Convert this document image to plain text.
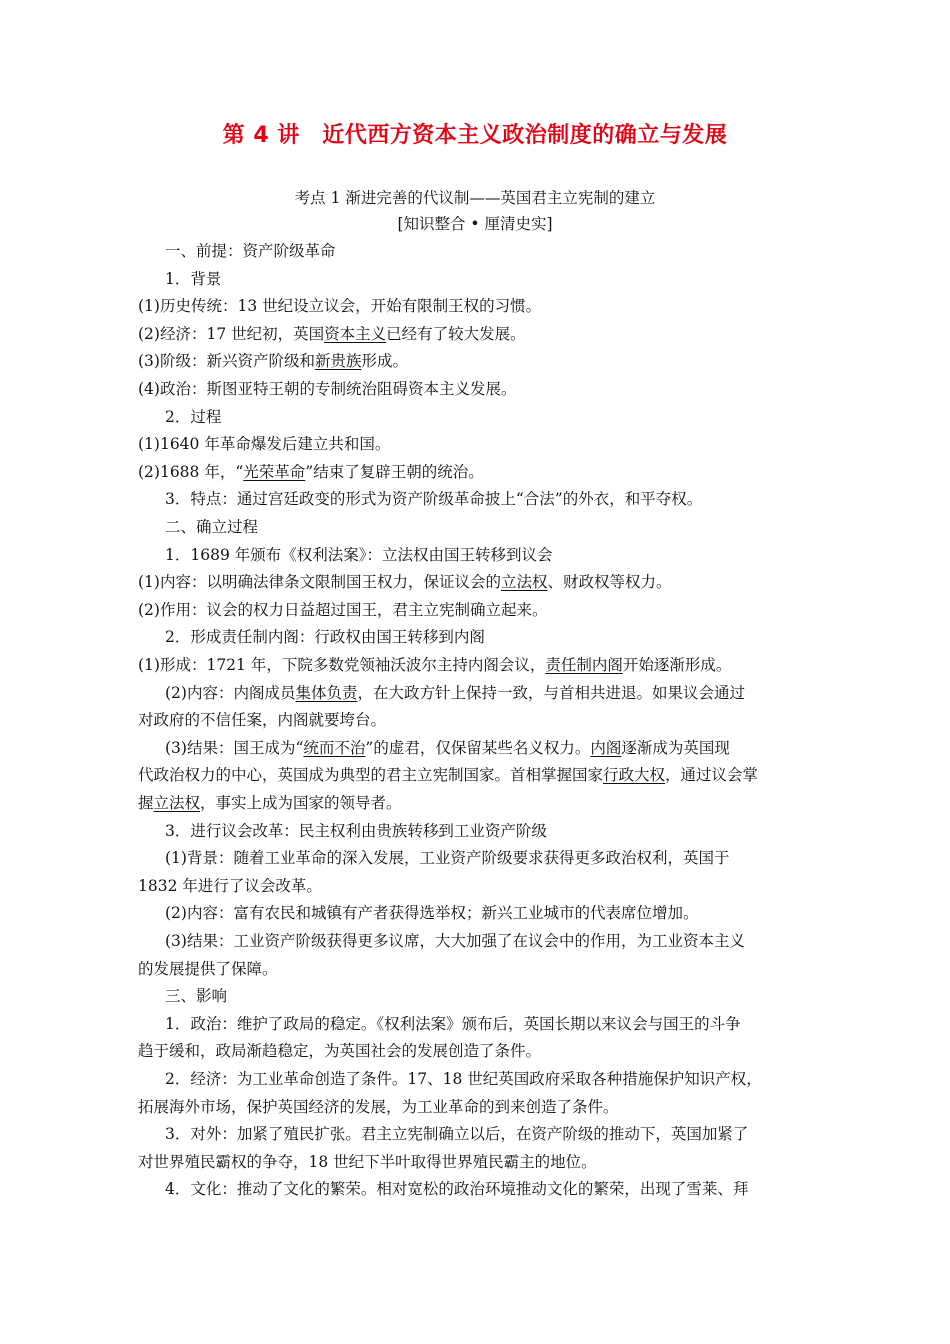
第 4 讲　近代西方资本主义政治制度的确立与发展
考点 1 渐进完善的代议制——英国君主立宪制的建立
[知识整合 • 厘清史实]
一、前提：资产阶级革命
1．背景
(1)历史传统：13 世纪设立议会，开始有限制王权的习惯。
(2)经济：17 世纪初，英国资本主义已经有了较大发展。
(3)阶级：新兴资产阶级和新贵族形成。
(4)政治：斯图亚特王朝的专制统治阻碍资本主义发展。
2．过程
(1)1640 年革命爆发后建立共和国。
(2)1688 年，“光荣革命”结束了复辟王朝的统治。
3．特点：通过宫廷政变的形式为资产阶级革命披上“合法”的外衣，和平夺权。
二、确立过程
1．1689 年颁布《权利法案》：立法权由国王转移到议会
(1)内容：以明确法律条文限制国王权力，保证议会的立法权、财政权等权力。
(2)作用：议会的权力日益超过国王，君主立宪制确立起来。
2．形成责任制内阁：行政权由国王转移到内阁
(1)形成：1721 年，下院多数党领袖沃波尔主持内阁会议，责任制内阁开始逐渐形成。
(2)内容：内阁成员集体负责，在大政方针上保持一致，与首相共进退。如果议会通过
对政府的不信任案，内阁就要垮台。
(3)结果：国王成为“统而不治”的虚君，仅保留某些名义权力。内阁逐渐成为英国现
代政治权力的中心，英国成为典型的君主立宪制国家。首相掌握国家行政大权，通过议会掌
握立法权，事实上成为国家的领导者。
3．进行议会改革：民主权利由贵族转移到工业资产阶级
(1)背景：随着工业革命的深入发展，工业资产阶级要求获得更多政治权利，英国于
1832 年进行了议会改革。
(2)内容：富有农民和城镇有产者获得选举权；新兴工业城市的代表席位增加。
(3)结果：工业资产阶级获得更多议席，大大加强了在议会中的作用，为工业资本主义
的发展提供了保障。
三、影响
1．政治：维护了政局的稳定。《权利法案》颁布后，英国长期以来议会与国王的斗争
趋于缓和，政局渐趋稳定，为英国社会的发展创造了条件。
2．经济：为工业革命创造了条件。17、18 世纪英国政府采取各种措施保护知识产权，
拓展海外市场，保护英国经济的发展，为工业革命的到来创造了条件。
3．对外：加紧了殖民扩张。君主立宪制确立以后，在资产阶级的推动下，英国加紧了
对世界殖民霸权的争夺，18 世纪下半叶取得世界殖民霸主的地位。
4．文化：推动了文化的繁荣。相对宽松的政治环境推动文化的繁荣，出现了雪莱、拜
